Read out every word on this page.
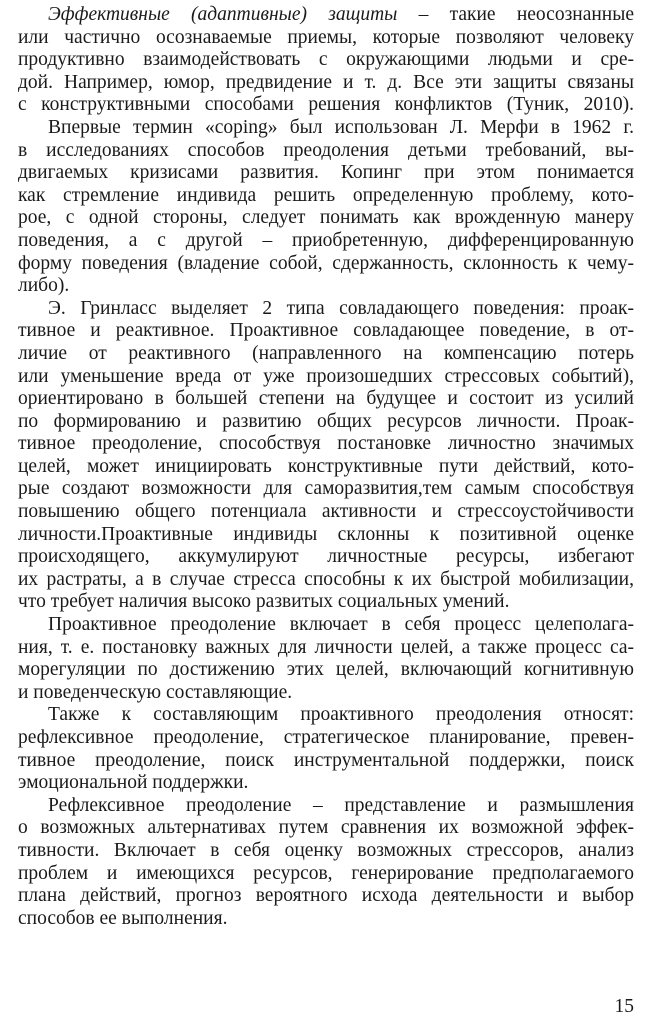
Эффективные (адаптивные) защиты – такие неосознанные
или частично осознаваемые приемы, которые позволяют человеку
продуктивно взаимодействовать с окружающими людьми и сре-
дой. Например, юмор, предвидение и т. д. Все эти защиты связаны
с конструктивными способами решения конфликтов (Туник, 2010).
Впервые термин «coping» был использован Л. Мерфи в 1962 г.
в исследованиях способов преодоления детьми требований, вы-
двигаемых кризисами развития. Копинг при этом понимается
как стремление индивида решить определенную проблему, кото-
рое, с одной стороны, следует понимать как врожденную манеру
поведения, а с другой – приобретенную, дифференцированную
форму поведения (владение собой, сдержанность, склонность к чему-
либо).
Э. Гринласс выделяет 2 типа совладающего поведения: проак-
тивное и реактивное. Проактивное совладающее поведение, в от-
личие от реактивного (направленного на компенсацию потерь
или уменьшение вреда от уже произошедших стрессовых событий),
ориентировано в большей степени на будущее и состоит из усилий
по формированию и развитию общих ресурсов личности. Проак-
тивное преодоление, способствуя постановке личностно значимых
целей, может инициировать конструктивные пути действий, кото-
рые создают возможности для саморазвития,тем самым способствуя
повышению общего потенциала активности и стрессоустойчивости
личности.Проактивные индивиды склонны к позитивной оценке
происходящего, аккумулируют личностные ресурсы, избегают
их растраты, а в случае стресса способны к их быстрой мобилизации,
что требует наличия высоко развитых социальных умений.
Проактивное преодоление включает в себя процесс целеполага-
ния, т. е. постановку важных для личности целей, а также процесс са-
морегуляции по достижению этих целей, включающий когнитивную
и поведенческую составляющие.
Также к составляющим проактивного преодоления относят:
рефлексивное преодоление, стратегическое планирование, превен-
тивное преодоление, поиск инструментальной поддержки, поиск
эмоциональной поддержки.
Рефлексивное преодоление – представление и размышления
о возможных альтернативах путем сравнения их возможной эффек-
тивности. Включает в себя оценку возможных стрессоров, анализ
проблем и имеющихся ресурсов, генерирование предполагаемого
плана действий, прогноз вероятного исхода деятельности и выбор
способов ее выполнения.
15
